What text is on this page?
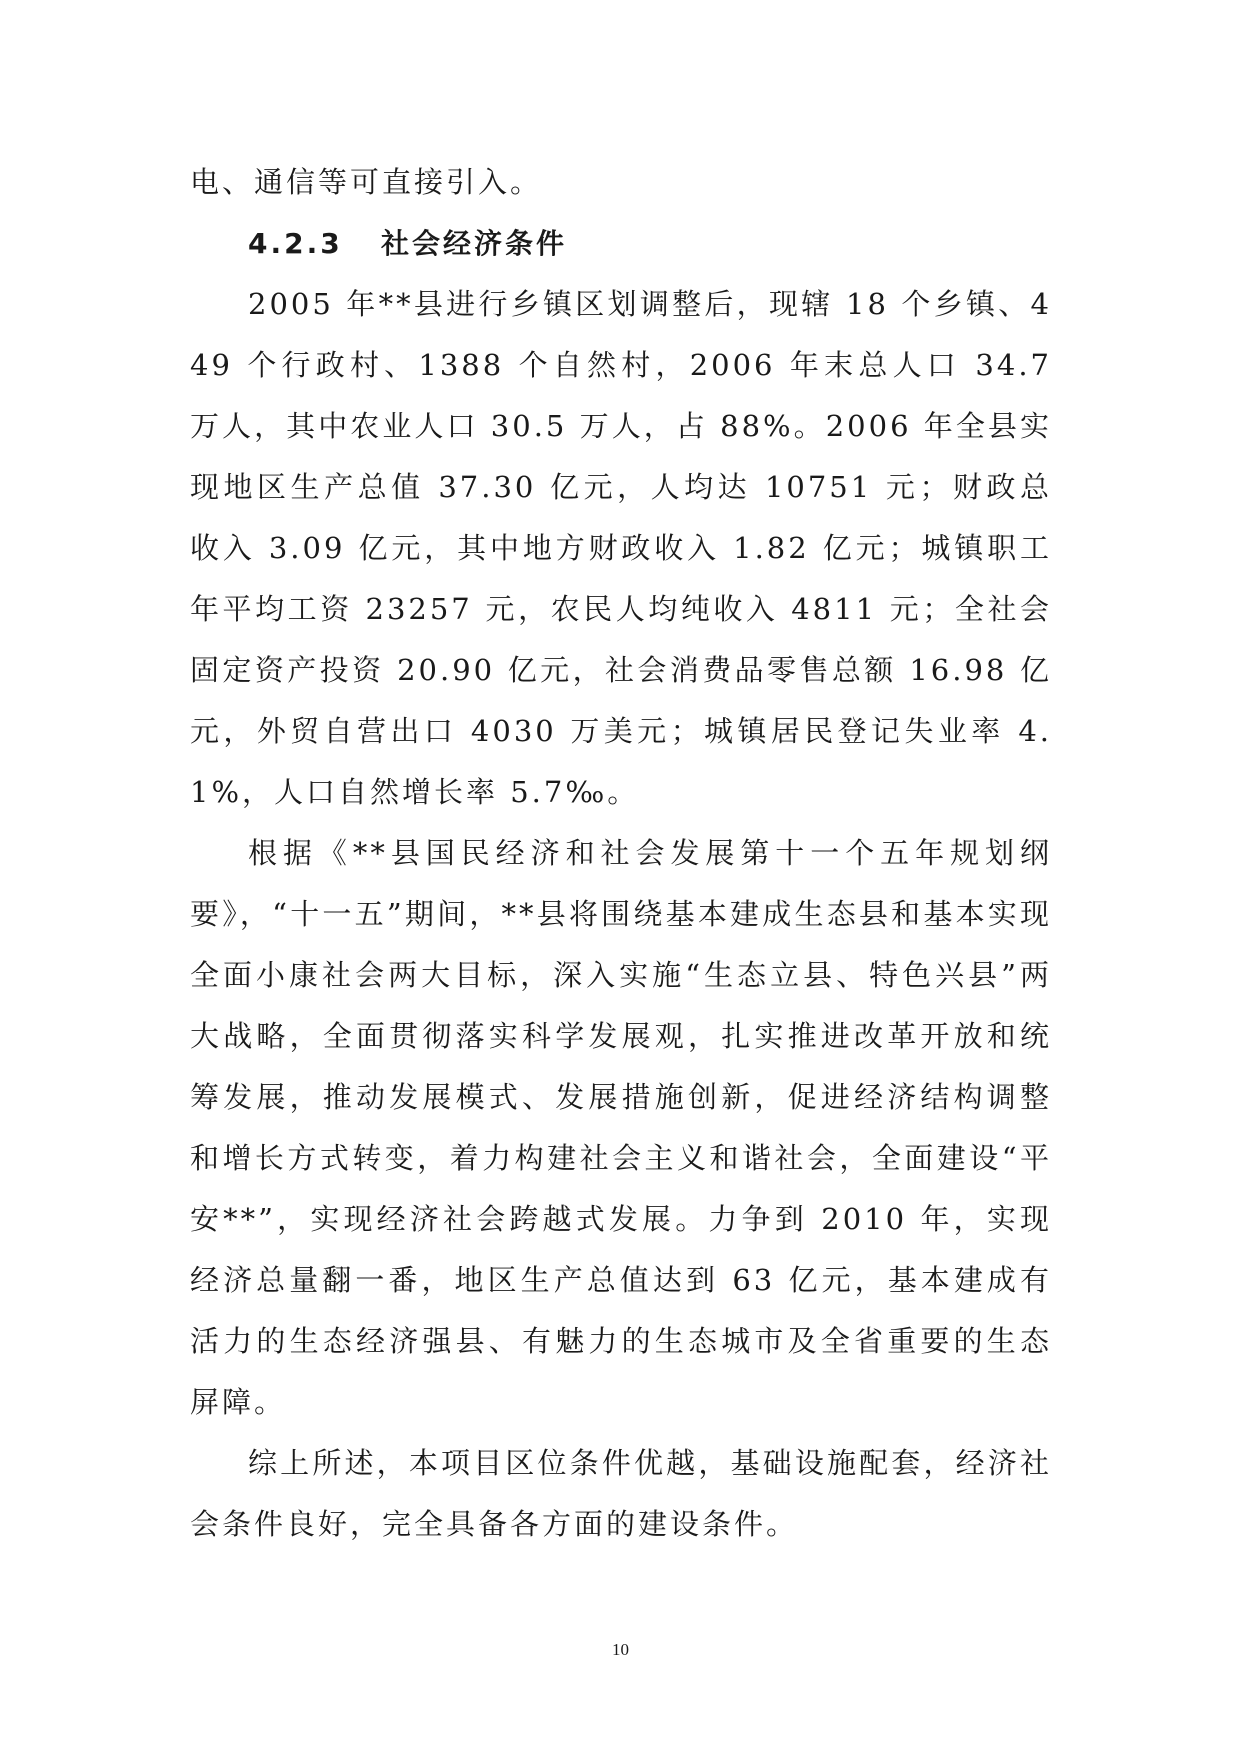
电、通信等可直接引入。

4.2.3   社会经济条件

2005 年**县进行乡镇区划调整后，现辖 18 个乡镇、449 个行政村、1388 个自然村，2006 年末总人口 34.7 万人，其中农业人口 30.5 万人，占 88%。2006 年全县实现地区生产总值 37.30 亿元，人均达 10751 元；财政总收入 3.09 亿元，其中地方财政收入 1.82 亿元；城镇职工年平均工资 23257 元，农民人均纯收入 4811 元；全社会固定资产投资 20.90 亿元，社会消费品零售总额 16.98 亿元，外贸自营出口 4030 万美元；城镇居民登记失业率 4.1%，人口自然增长率 5.7‰。

根据《**县国民经济和社会发展第十一个五年规划纲要》，“十一五”期间，**县将围绕基本建成生态县和基本实现全面小康社会两大目标，深入实施“生态立县、特色兴县”两大战略，全面贯彻落实科学发展观，扎实推进改革开放和统筹发展，推动发展模式、发展措施创新，促进经济结构调整和增长方式转变，着力构建社会主义和谐社会，全面建设“平安**”，实现经济社会跨越式发展。力争到 2010 年，实现经济总量翻一番，地区生产总值达到 63 亿元，基本建成有活力的生态经济强县、有魅力的生态城市及全省重要的生态屏障。

综上所述，本项目区位条件优越，基础设施配套，经济社会条件良好，完全具备各方面的建设条件。

10
